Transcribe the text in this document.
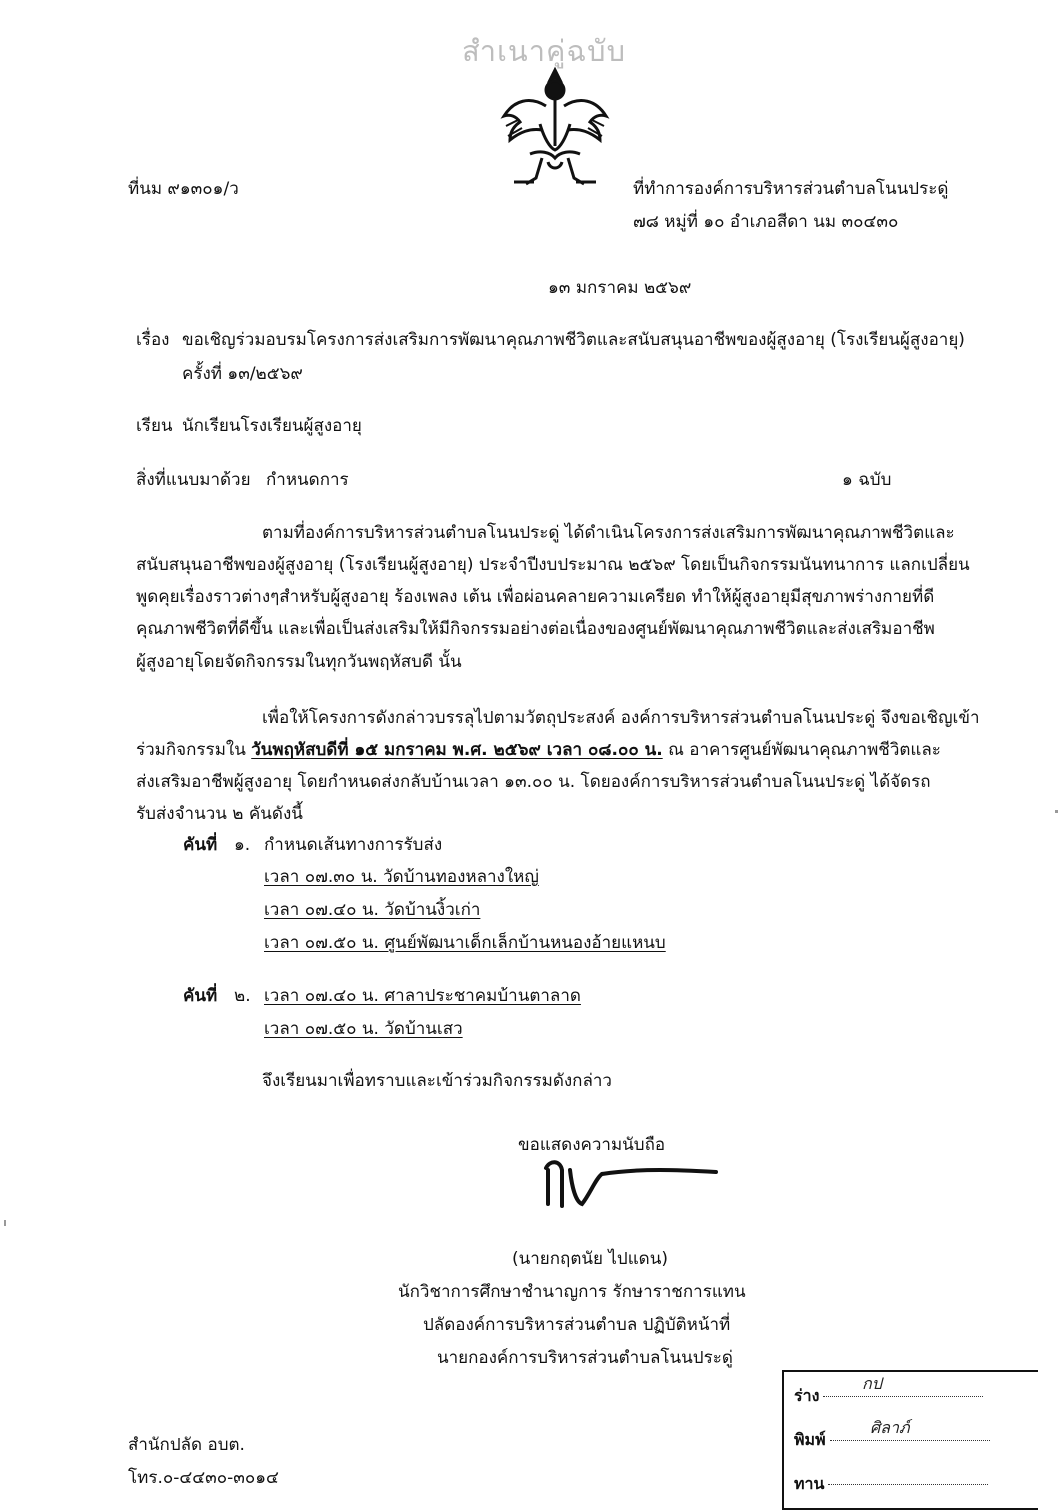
สำเนาคู่ฉบับ
ที่นม ๙๑๓๐๑/ว	ที่ทำการองค์การบริหารส่วนตำบลโนนประดู่
๗๘ หมู่ที่ ๑๐ อำเภอสีดา นม ๓๐๔๓๐
๑๓ มกราคม ๒๕๖๙
เรื่อง ขอเชิญร่วมอบรมโครงการส่งเสริมการพัฒนาคุณภาพชีวิตและสนับสนุนอาชีพของผู้สูงอายุ (โรงเรียนผู้สูงอายุ)
ครั้งที่ ๑๓/๒๕๖๙
เรียน นักเรียนโรงเรียนผู้สูงอายุ
สิ่งที่แนบมาด้วย กำหนดการ	๑ ฉบับ
ตามที่องค์การบริหารส่วนตำบลโนนประดู่ ได้ดำเนินโครงการส่งเสริมการพัฒนาคุณภาพชีวิตและ
สนับสนุนอาชีพของผู้สูงอายุ (โรงเรียนผู้สูงอายุ) ประจำปีงบประมาณ ๒๕๖๙ โดยเป็นกิจกรรมนันทนาการ แลกเปลี่ยน
พูดคุยเรื่องราวต่างๆสำหรับผู้สูงอายุ ร้องเพลง เต้น เพื่อผ่อนคลายความเครียด ทำให้ผู้สูงอายุมีสุขภาพร่างกายที่ดี
คุณภาพชีวิตที่ดีขึ้น และเพื่อเป็นส่งเสริมให้มีกิจกรรมอย่างต่อเนื่องของศูนย์พัฒนาคุณภาพชีวิตและส่งเสริมอาชีพ
ผู้สูงอายุโดยจัดกิจกรรมในทุกวันพฤหัสบดี นั้น
เพื่อให้โครงการดังกล่าวบรรลุไปตามวัตถุประสงค์ องค์การบริหารส่วนตำบลโนนประดู่ จึงขอเชิญเข้า
ร่วมกิจกรรมใน วันพฤหัสบดีที่ ๑๕ มกราคม พ.ศ. ๒๕๖๙ เวลา ๐๘.๐๐ น. ณ อาคารศูนย์พัฒนาคุณภาพชีวิตและ
ส่งเสริมอาชีพผู้สูงอายุ โดยกำหนดส่งกลับบ้านเวลา ๑๓.๐๐ น. โดยองค์การบริหารส่วนตำบลโนนประดู่ ได้จัดรถ
รับส่งจำนวน ๒ คันดังนี้
คันที่ ๑. กำหนดเส้นทางการรับส่ง
เวลา ๐๗.๓๐ น. วัดบ้านทองหลางใหญ่
เวลา ๐๗.๔๐ น. วัดบ้านงิ้วเก่า
เวลา ๐๗.๕๐ น. ศูนย์พัฒนาเด็กเล็กบ้านหนองอ้ายแหนบ
คันที่ ๒. เวลา ๐๗.๔๐ น. ศาลาประชาคมบ้านตาลาด
เวลา ๐๗.๕๐ น. วัดบ้านเสว
จึงเรียนมาเพื่อทราบและเข้าร่วมกิจกรรมดังกล่าว
ขอแสดงความนับถือ
(นายกฤตนัย ไปแดน)
นักวิชาการศึกษาชำนาญการ รักษาราชการแทน
ปลัดองค์การบริหารส่วนตำบล ปฏิบัติหน้าที่
นายกองค์การบริหารส่วนตำบลโนนประดู่
สำนักปลัด อบต.
โทร.๐-๔๔๓๐-๓๐๑๔
ร่าง
กป
พิมพ์
ศิลาภ์
ทาน
